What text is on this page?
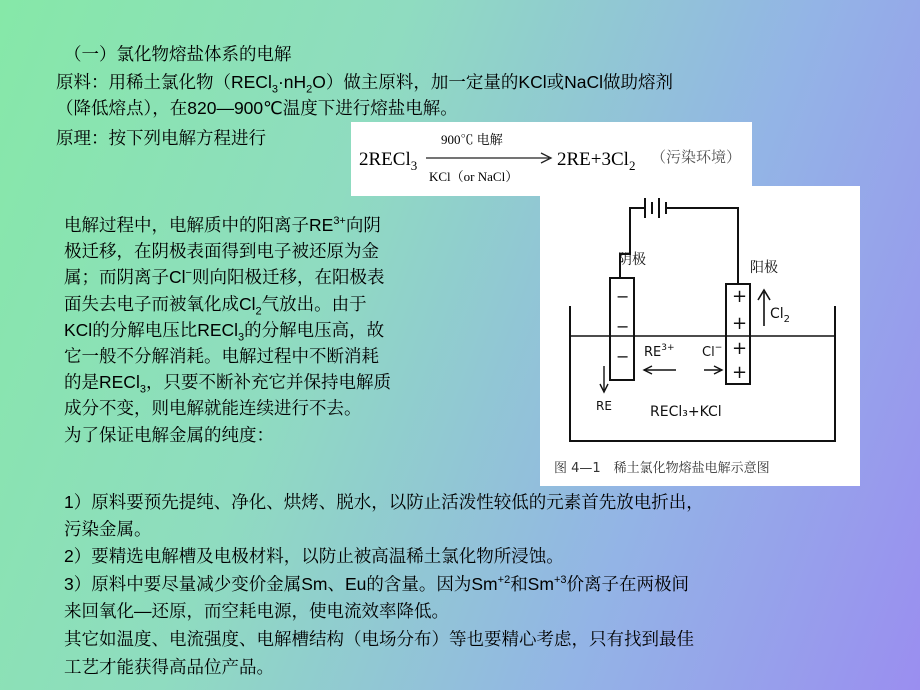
（一）氯化物熔盐体系的电解
原料：用稀土氯化物$(RECl_3\cdot nH_2O)$做主原料，加一定量的KCl或NaCl做助熔剂
（降低熔点），在820—900℃温度下进行熔盐电解。
原理：按下列电解方程进行
2RECl$_3$
900℃ 电解
KCl（or NaCl）
$2RE+3Cl_2$ （污染环境）
阴极	阳极
−
−
−
+
+
+
+
$RE^{3+}$ Cl−
$Cl_2$
RE	RECl₃+KCl
图 4—1　稀土氯化物熔盐电解示意图
电解过程中，电解质中的阳离子$RE^{3+}$向阴
极迁移，在阴极表面得到电子被还原为金
属；而阴离子Cl−则向阳极迁移，在阳极表
面失去电子而被氧化成$Cl_2$气放出。由于
KCl的分解电压比RECl$_3$的分解电压高，故
它一般不分解消耗。电解过程中不断消耗
的是RECl$_3$，只要不断补充它并保持电解质
成分不变，则电解就能连续进行不去。
为了保证电解金属的纯度：
1）原料要预先提纯、净化、烘烤、脱水，以防止活泼性较低的元素首先放电折出，
污染金属。
2）要精选电解槽及电极材料，以防止被高温稀土氯化物所浸蚀。
3）原料中要尽量减少变价金属Sm、Eu的含量。因为$Sm^{+2}$和$Sm^{+3}$价离子在两极间
来回氧化—还原，而空耗电源，使电流效率降低。
其它如温度、电流强度、电解槽结构（电场分布）等也要精心考虑，只有找到最佳
工艺才能获得高品位产品。
